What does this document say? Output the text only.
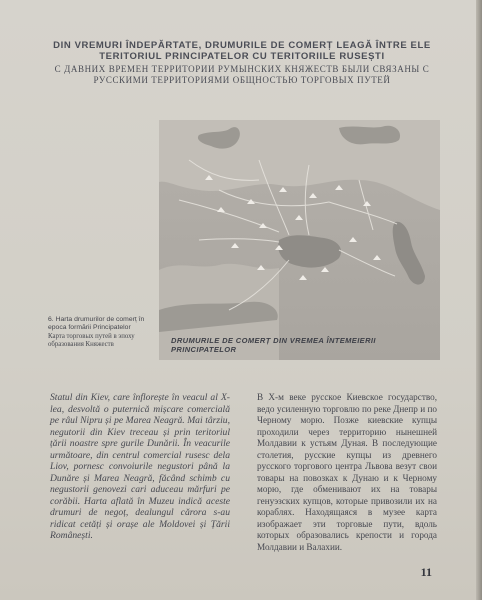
DIN VREMURI ÎNDEPĂRTATE, DRUMURILE DE COMERȚ LEAGĂ ÎNTRE ELE TERITORIUL PRINCIPATELOR CU TERITORIILE RUSEȘTI
С ДАВНИХ ВРЕМЕН ТЕРРИТОРИИ РУМЫНСКИХ КНЯЖЕСТВ БЫЛИ СВЯЗАНЫ С РУССКИМИ ТЕРРИТОРИЯМИ ОБЩНОСТЬЮ ТОРГОВЫХ ПУТЕЙ
DRUMURILE DE COMERȚ DIN VREMEA ÎNTEMEIERII PRINCIPATELOR
6. Harta drumurilor de comerț în epoca formării Principatelor
Карта торговых путей в эпоху образования Княжеств
Statul din Kiev, care înflorește în veacul al X-lea, desvoltă o puternică mișcare comercială pe râul Nipru și pe Marea Neagră. Mai târziu, negutorii din Kiev treceau și prin teritoriul țării noastre spre gurile Dunării. În veacurile următoare, din centrul comercial rusesc dela Liov, pornesc convoiurile negustori până la Dunăre și Marea Neagră, făcând schimb cu negustorii genovezi cari aduceau mărfuri pe corăbii. Harta aflată în Muzeu indică aceste drumuri de negoț, dealungul cărora s-au ridicat cetăți și orașe ale Moldovei și Țării Românești.
В X-м веке русское Киевское государство, ведо усиленную торговлю по реке Днепр и по Черному морю. Позже киевские купцы проходили через территорию нынешней Молдавии к устьям Дуная. В последующие столетия, русские купцы из древнего русского торгового центра Львова везут свои товары на повозках к Дунаю и к Черному морю, где обменивают их на товары генуэзских купцов, которые привозили их на кораблях. Находящаяся в музее карта изображает эти торговые пути, вдоль которых образовались крепости и города Молдавии и Валахии.
11
